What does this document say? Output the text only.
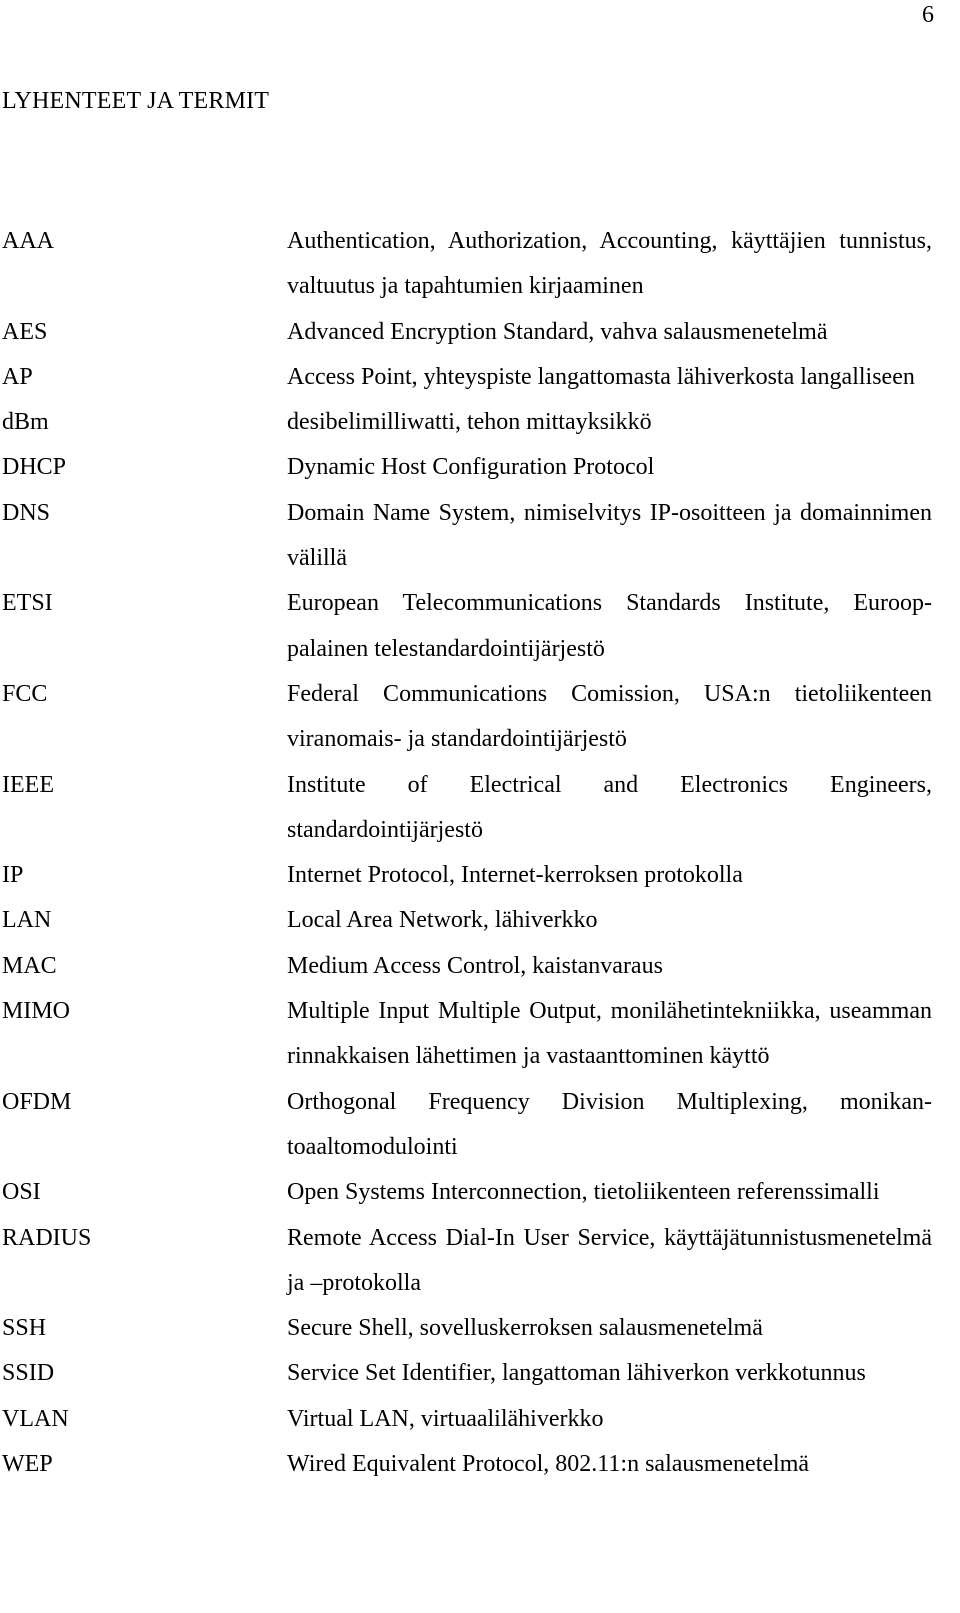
6
LYHENTEET JA TERMIT
AAA	Authentication, Authorization, Accounting, käyttäjien tunnistus, valtuutus ja tapahtumien kirjaaminen
AES	Advanced Encryption Standard, vahva salausmenetelmä
AP	Access Point, yhteyspiste langattomasta lähiverkosta langalliseen
dBm	desibelimilliwatti, tehon mittayksikkö
DHCP	Dynamic Host Configuration Protocol
DNS	Domain Name System, nimiselvitys IP-osoitteen ja domainnimen välillä
ETSI	European Telecommunications Standards Institute, Eurooppalainen telestandardointijärjestö
FCC	Federal Communications Comission, USA:n tietoliikenteen viranomais- ja standardointijärjestö
IEEE	Institute of Electrical and Electronics Engineers, standardointijärjestö
IP	Internet Protocol, Internet-kerroksen protokolla
LAN	Local Area Network, lähiverkko
MAC	Medium Access Control, kaistanvaraus
MIMO	Multiple Input Multiple Output, monilähetintekniikka, useamman rinnakkaisen lähettimen ja vastaanttominen käyttö
OFDM	Orthogonal Frequency Division Multiplexing, monikantoaaltomodulointi
OSI	Open Systems Interconnection, tietoliikenteen referenssimalli
RADIUS	Remote Access Dial-In User Service, käyttäjätunnistusmenetelmä ja –protokolla
SSH	Secure Shell, sovelluskerroksen salausmenetelmä
SSID	Service Set Identifier, langattoman lähiverkon verkkotunnus
VLAN	Virtual LAN, virtuaalilähiverkko
WEP	Wired Equivalent Protocol, 802.11:n salausmenetelmä
